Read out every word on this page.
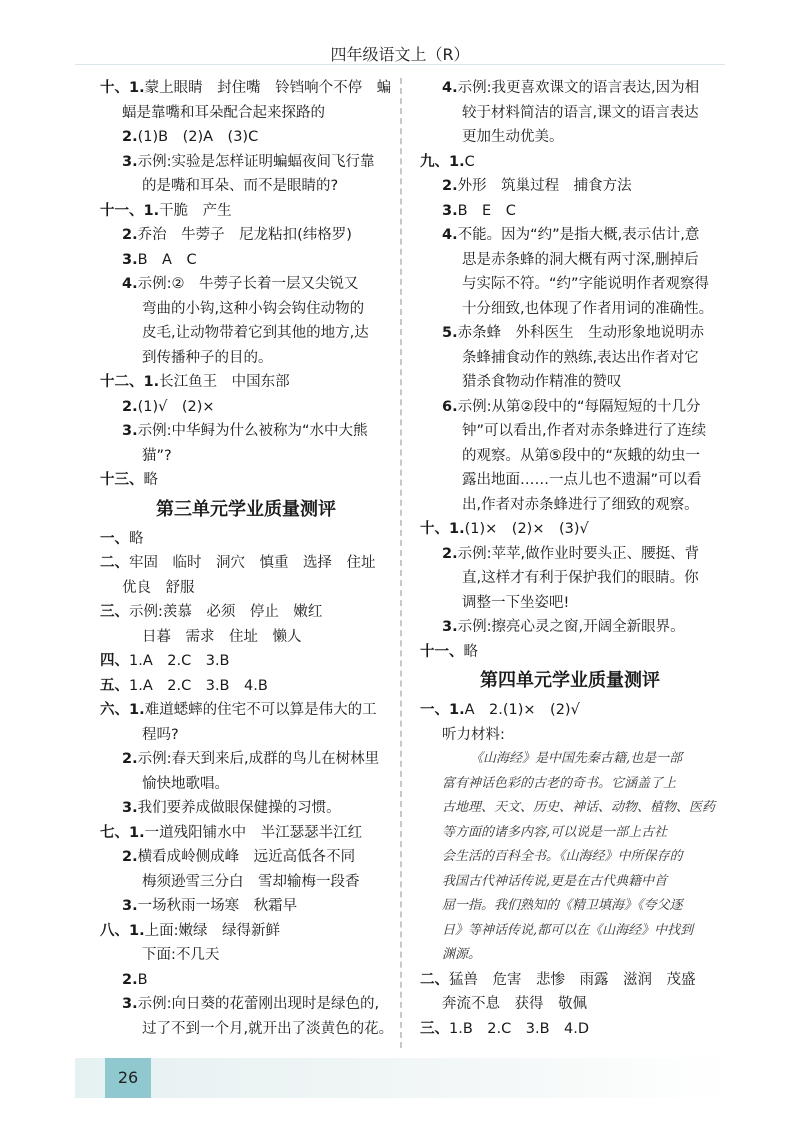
四年级语文上（R）
十、1.蒙上眼睛　封住嘴　铃铛响个不停　蝙
蝠是靠嘴和耳朵配合起来探路的
2.(1)B　(2)A　(3)C
3.示例:实验是怎样证明蝙蝠夜间飞行靠
的是嘴和耳朵、而不是眼睛的?
十一、1.干脆　产生
2.乔治　牛蒡子　尼龙粘扣(纬格罗)
3.B　A　C
4.示例:②　牛蒡子长着一层又尖锐又
弯曲的小钩,这种小钩会钩住动物的
皮毛,让动物带着它到其他的地方,达
到传播种子的目的。
十二、1.长江鱼王　中国东部
2.(1)√　(2)×
3.示例:中华鲟为什么被称为“水中大熊
猫”?
十三、略
第三单元学业质量测评
一、略
二、牢固　临时　洞穴　慎重　选择　住址
优良　舒服
三、示例:羡慕　必须　停止　嫩红
日暮　需求　住址　懒人
四、1.A　2.C　3.B
五、1.A　2.C　3.B　4.B
六、1.难道蟋蟀的住宅不可以算是伟大的工
程吗?
2.示例:春天到来后,成群的鸟儿在树林里
愉快地歌唱。
3.我们要养成做眼保健操的习惯。
七、1.一道残阳铺水中　半江瑟瑟半江红
2.横看成岭侧成峰　远近高低各不同
梅须逊雪三分白　雪却输梅一段香
3.一场秋雨一场寒　秋霜早
八、1.上面:嫩绿　绿得新鲜
下面:不几天
2.B
3.示例:向日葵的花蕾刚出现时是绿色的,
过了不到一个月,就开出了淡黄色的花。
4.示例:我更喜欢课文的语言表达,因为相
较于材料简洁的语言,课文的语言表达
更加生动优美。
九、1.C
2.外形　筑巢过程　捕食方法
3.B　E　C
4.不能。因为“约”是指大概,表示估计,意
思是赤条蜂的洞大概有两寸深,删掉后
与实际不符。“约”字能说明作者观察得
十分细致,也体现了作者用词的准确性。
5.赤条蜂　外科医生　生动形象地说明赤
条蜂捕食动作的熟练,表达出作者对它
猎杀食物动作精准的赞叹
6.示例:从第②段中的“每隔短短的十几分
钟”可以看出,作者对赤条蜂进行了连续
的观察。从第⑤段中的“灰蛾的幼虫一
露出地面……一点儿也不遗漏”可以看
出,作者对赤条蜂进行了细致的观察。
十、1.(1)×　(2)×　(3)√
2.示例:苹苹,做作业时要头正、腰挺、背
直,这样才有利于保护我们的眼睛。你
调整一下坐姿吧!
3.示例:擦亮心灵之窗,开阔全新眼界。
十一、略
第四单元学业质量测评
一、1.A　2.(1)×　(2)√
听力材料:
《山海经》是中国先秦古籍,也是一部
富有神话色彩的古老的奇书。它涵盖了上
古地理、天文、历史、神话、动物、植物、医药
等方面的诸多内容,可以说是一部上古社
会生活的百科全书。《山海经》中所保存的
我国古代神话传说,更是在古代典籍中首
屈一指。我们熟知的《精卫填海》《夸父逐
日》等神话传说,都可以在《山海经》中找到
渊源。
二、猛兽　危害　悲惨　雨露　滋润　茂盛
奔流不息　获得　敬佩
三、1.B　2.C　3.B　4.D
26
